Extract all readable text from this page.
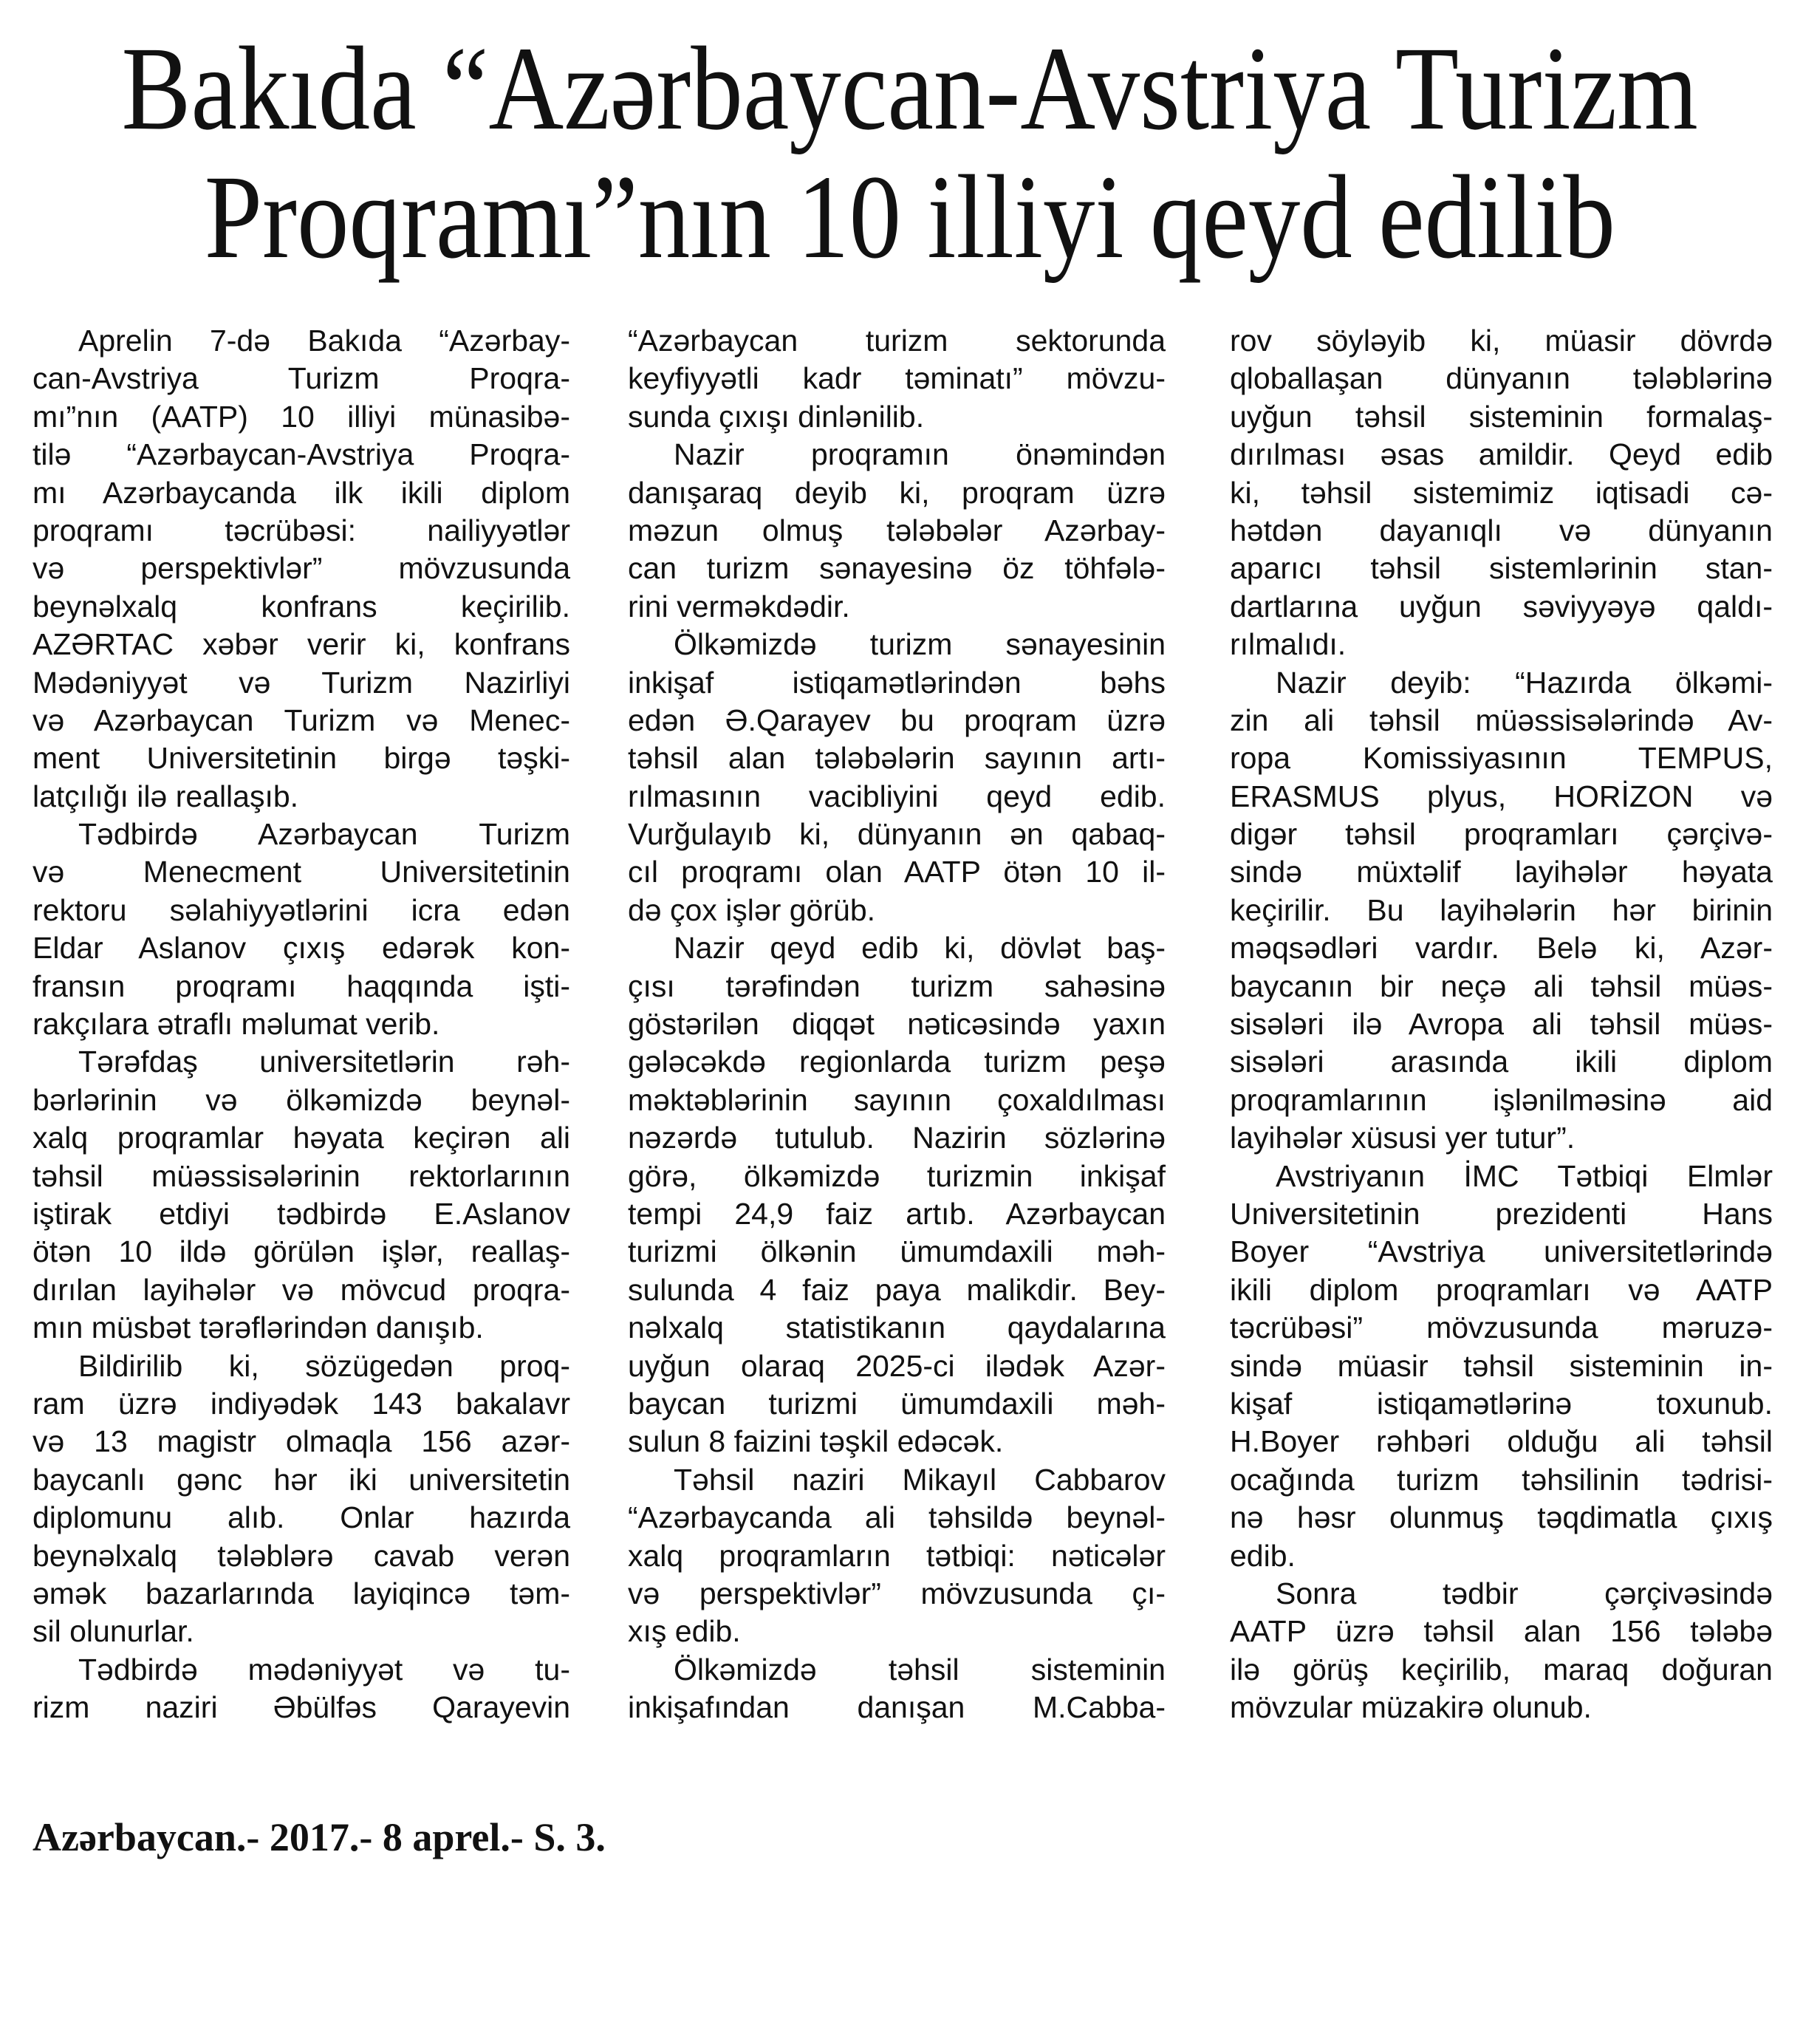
Bakıda “Azərbaycan-Avstriya Turizm
Proqramı”nın 10 illiyi qeyd edilib
Aprelin 7-də Bakıda “Azərbay-
can-Avstriya Turizm Proqra-
mı”nın (AATP) 10 illiyi münasibə-
tilə “Azərbaycan-Avstriya Proqra-
mı Azərbaycanda ilk ikili diplom
proqramı təcrübəsi: nailiyyətlər
və perspektivlər” mövzusunda
beynəlxalq konfrans keçirilib.
AZƏRTAC xəbər verir ki, konfrans
Mədəniyyət və Turizm Nazirliyi
və Azərbaycan Turizm və Menec-
ment Universitetinin birgə təşki-
latçılığı ilə reallaşıb.
Tədbirdə Azərbaycan Turizm
və Menecment Universitetinin
rektoru səlahiyyətlərini icra edən
Eldar Aslanov çıxış edərək kon-
fransın proqramı haqqında işti-
rakçılara ətraflı məlumat verib.
Tərəfdaş universitetlərin rəh-
bərlərinin və ölkəmizdə beynəl-
xalq proqramlar həyata keçirən ali
təhsil müəssisələrinin rektorlarının
iştirak etdiyi tədbirdə E.Aslanov
ötən 10 ildə görülən işlər, reallaş-
dırılan layihələr və mövcud proqra-
mın müsbət tərəflərindən danışıb.
Bildirilib ki, sözügedən proq-
ram üzrə indiyədək 143 bakalavr
və 13 magistr olmaqla 156 azər-
baycanlı gənc hər iki universitetin
diplomunu alıb. Onlar hazırda
beynəlxalq tələblərə cavab verən
əmək bazarlarında layiqincə təm-
sil olunurlar.
Tədbirdə mədəniyyət və tu-
rizm naziri Əbülfəs Qarayevin
“Azərbaycan turizm sektorunda
keyfiyyətli kadr təminatı” mövzu-
sunda çıxışı dinlənilib.
Nazir proqramın önəmindən
danışaraq deyib ki, proqram üzrə
məzun olmuş tələbələr Azərbay-
can turizm sənayesinə öz töhfələ-
rini verməkdədir.
Ölkəmizdə turizm sənayesinin
inkişaf istiqamətlərindən bəhs
edən Ə.Qarayev bu proqram üzrə
təhsil alan tələbələrin sayının artı-
rılmasının vacibliyini qeyd edib.
Vurğulayıb ki, dünyanın ən qabaq-
cıl proqramı olan AATP ötən 10 il-
də çox işlər görüb.
Nazir qeyd edib ki, dövlət baş-
çısı tərəfindən turizm sahəsinə
göstərilən diqqət nəticəsində yaxın
gələcəkdə regionlarda turizm peşə
məktəblərinin sayının çoxaldılması
nəzərdə tutulub. Nazirin sözlərinə
görə, ölkəmizdə turizmin inkişaf
tempi 24,9 faiz artıb. Azərbaycan
turizmi ölkənin ümumdaxili məh-
sulunda 4 faiz paya malikdir. Bey-
nəlxalq statistikanın qaydalarına
uyğun olaraq 2025-ci ilədək Azər-
baycan turizmi ümumdaxili məh-
sulun 8 faizini təşkil edəcək.
Təhsil naziri Mikayıl Cabbarov
“Azərbaycanda ali təhsildə beynəl-
xalq proqramların tətbiqi: nəticələr
və perspektivlər” mövzusunda çı-
xış edib.
Ölkəmizdə təhsil sisteminin
inkişafından danışan M.Cabba-
rov söyləyib ki, müasir dövrdə
qloballaşan dünyanın tələblərinə
uyğun təhsil sisteminin formalaş-
dırılması əsas amildir. Qeyd edib
ki, təhsil sistemimiz iqtisadi cə-
hətdən dayanıqlı və dünyanın
aparıcı təhsil sistemlərinin stan-
dartlarına uyğun səviyyəyə qaldı-
rılmalıdı.
Nazir deyib: “Hazırda ölkəmi-
zin ali təhsil müəssisələrində Av-
ropa Komissiyasının TEMPUS,
ERASMUS plyus, HORİZON və
digər təhsil proqramları çərçivə-
sində müxtəlif layihələr həyata
keçirilir. Bu layihələrin hər birinin
məqsədləri vardır. Belə ki, Azər-
baycanın bir neçə ali təhsil müəs-
sisələri ilə Avropa ali təhsil müəs-
sisələri arasında ikili diplom
proqramlarının işlənilməsinə aid
layihələr xüsusi yer tutur”.
Avstriyanın İMC Tətbiqi Elmlər
Universitetinin prezidenti Hans
Boyer “Avstriya universitetlərində
ikili diplom proqramları və AATP
təcrübəsi” mövzusunda məruzə-
sində müasir təhsil sisteminin in-
kişaf istiqamətlərinə toxunub.
H.Boyer rəhbəri olduğu ali təhsil
ocağında turizm təhsilinin tədrisi-
nə həsr olunmuş təqdimatla çıxış
edib.
Sonra tədbir çərçivəsində
AATP üzrə təhsil alan 156 tələbə
ilə görüş keçirilib, maraq doğuran
mövzular müzakirə olunub.
Azərbaycan.- 2017.- 8 aprel.- S. 3.
